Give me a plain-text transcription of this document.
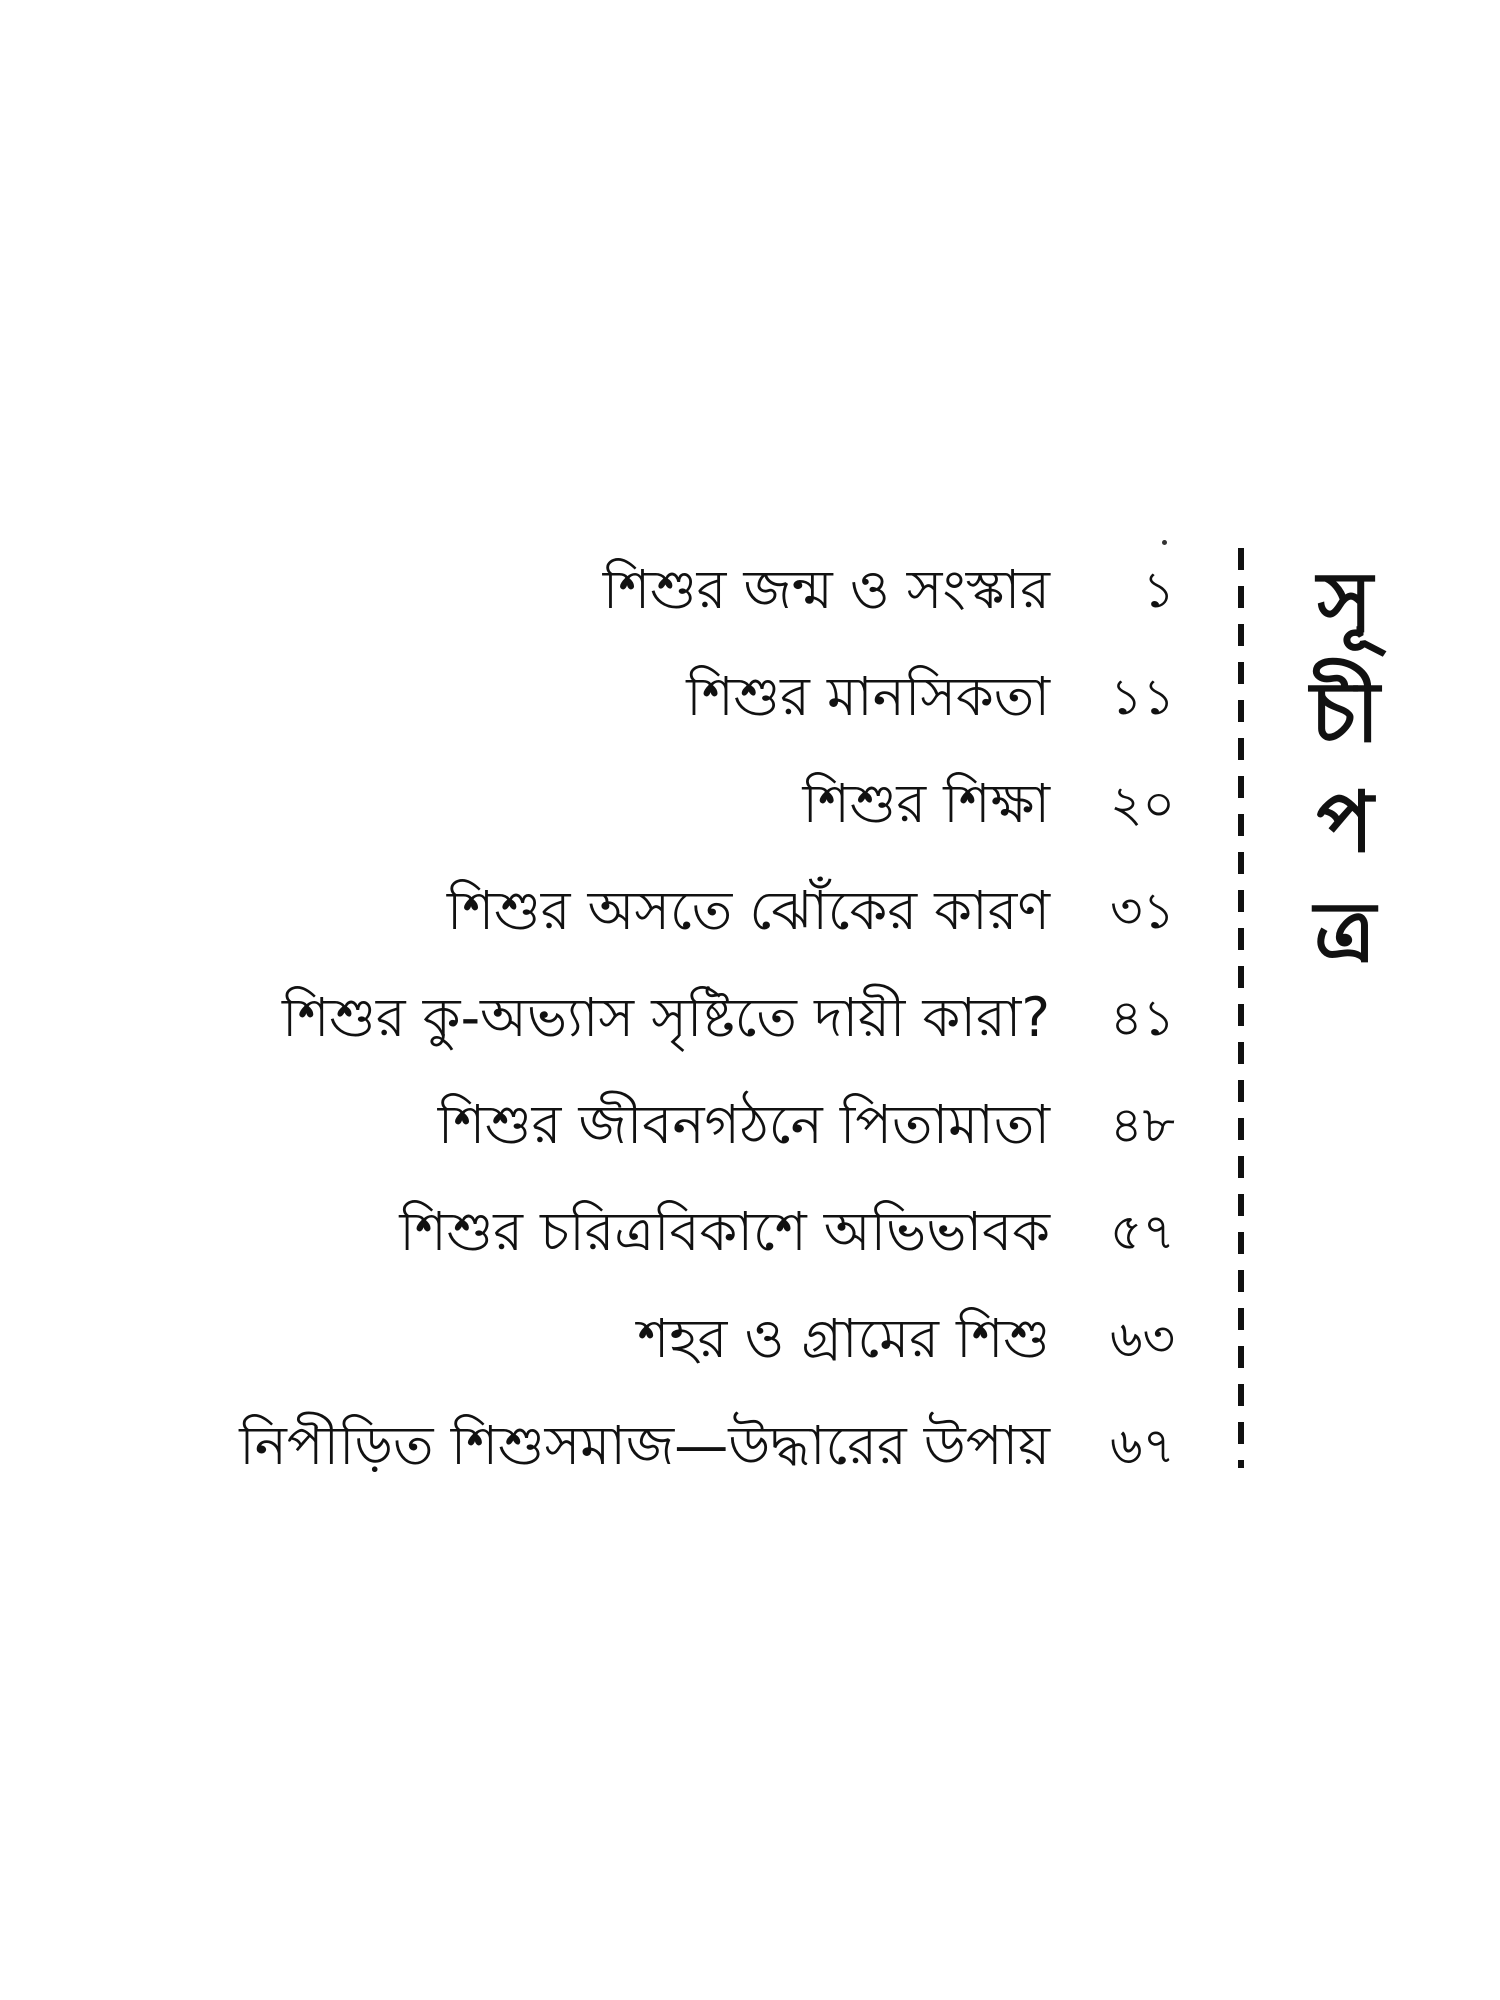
শিশুর জন্ম ও সংস্কার	১
শিশুর মানসিকতা	১১
শিশুর শিক্ষা ২০
শিশুর অসতে ঝোঁকের কারণ	৩১
শিশুর কু-অভ্যাস সৃষ্টিতে দায়ী কারা?	৪১
শিশুর জীবনগঠনে পিতামাতা	৪৮
শিশুর চরিত্রবিকাশে অভিভাবক	৫৭
শহর ও গ্রামের শিশু ৬৩
নিপীড়িত শিশুসমাজ—উদ্ধারের উপায় ৬৭
সূ
চী
প
ত্র
